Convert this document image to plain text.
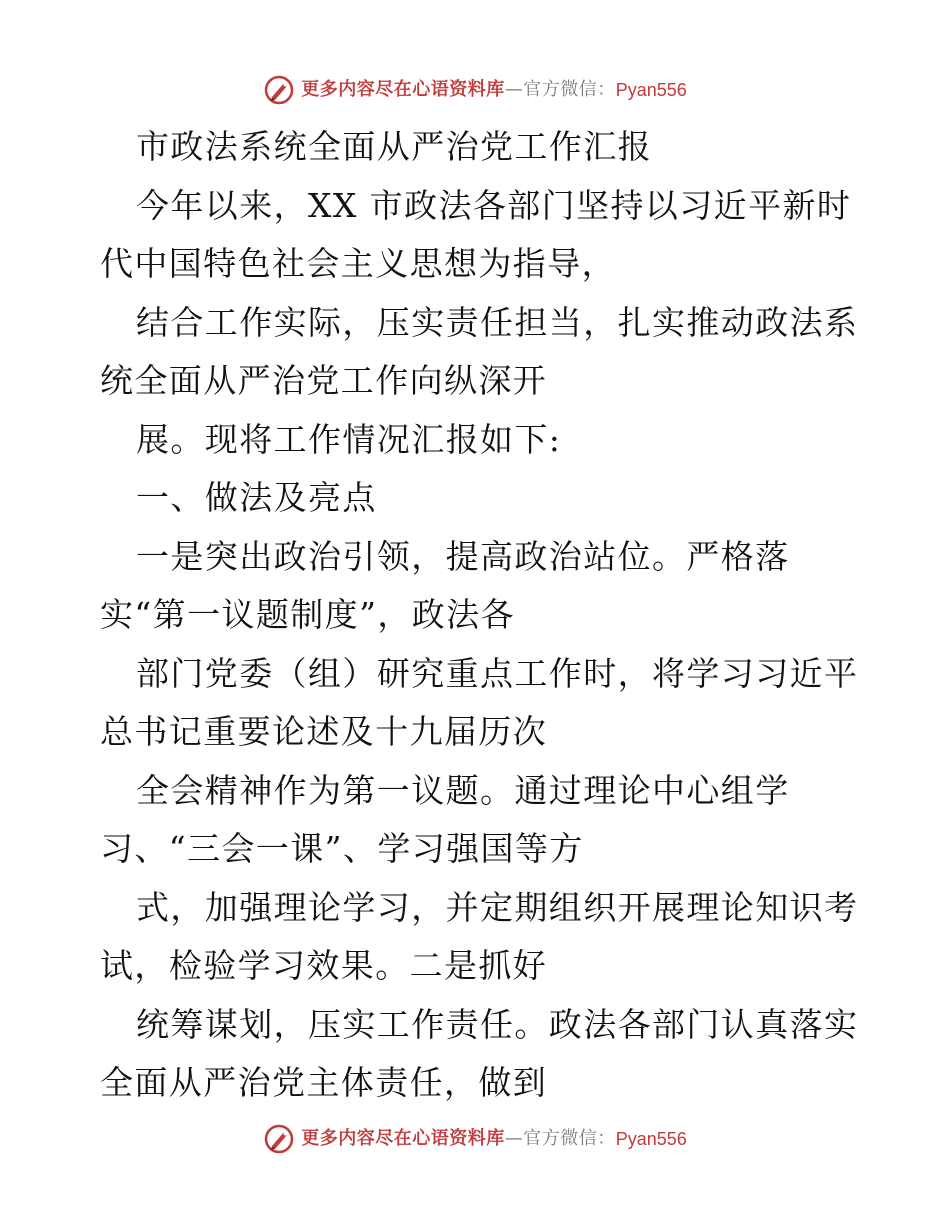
更多内容尽在心语资料库 — 官方微信： Pyan556
市政法系统全面从严治党工作汇报
今年以来，XX 市政法各部门坚持以习近平新时
代中国特色社会主义思想为指导，
结合工作实际，压实责任担当，扎实推动政法系
统全面从严治党工作向纵深开
展。现将工作情况汇报如下:
一、做法及亮点
一是突出政治引领，提高政治站位。严格落
实“第一议题制度”，政法各
部门党委（组）研究重点工作时，将学习习近平
总书记重要论述及十九届历次
全会精神作为第一议题。通过理论中心组学
习、“三会一课”、学习强国等方
式，加强理论学习，并定期组织开展理论知识考
试，检验学习效果。二是抓好
统筹谋划，压实工作责任。政法各部门认真落实
全面从严治党主体责任，做到
更多内容尽在心语资料库 — 官方微信： Pyan556
